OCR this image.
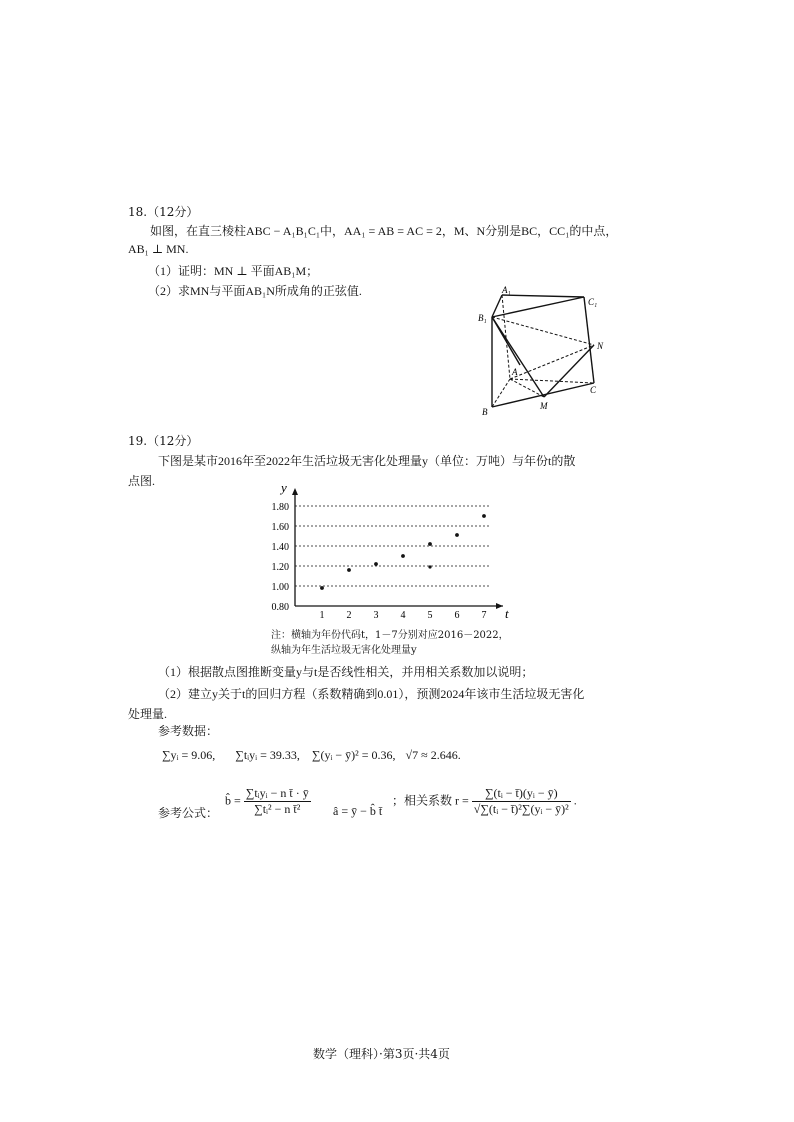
18.（12分）
如图，在直三棱柱ABC − A₁B₁C₁中，AA₁ = AB = AC = 2，M、N分别是BC，CC₁的中点，
AB₁ ⊥ MN.
（1）证明：MN ⊥ 平面AB₁M；
（2）求MN与平面AB₁N所成角的正弦值.	A₁
C₁
B₁
N
A
C
B
M
19.（12分）
下图是某市2016年至2022年生活垃圾无害化处理量y（单位：万吨）与年份t的散
点图.
0.80
1.00
1.20
1.40
1.60
1.80
1 2 3 4 5 6 7 t
y
注：横轴为年份代码t，1－7分别对应2016－2022，
纵轴为年生活垃圾无害化处理量y
（1）根据散点图推断变量y与t是否线性相关，并用相关系数加以说明；
（2）建立y关于t的回归方程（系数精确到0.01），预测2024年该市生活垃圾无害化
处理量.
参考数据：
∑yᵢ = 9.06, ∑tᵢyᵢ = 39.33, ∑(yᵢ − ȳ)² = 0.36, √7 ≈ 2.646.
参考公式：
b̂ = $\frac{\text{∑tᵢyᵢ − n t̄ · ȳ}}{\text{∑tᵢ² − n t̄²}}$ â = ȳ − b̂ t̄
；相关系数 $r = \frac{\text{∑(tᵢ − t̄)(yᵢ − ȳ)}}{\text{√∑(tᵢ − t̄)²∑(yᵢ − ȳ)²}}$ .
数学（理科）·第3页·共4页
